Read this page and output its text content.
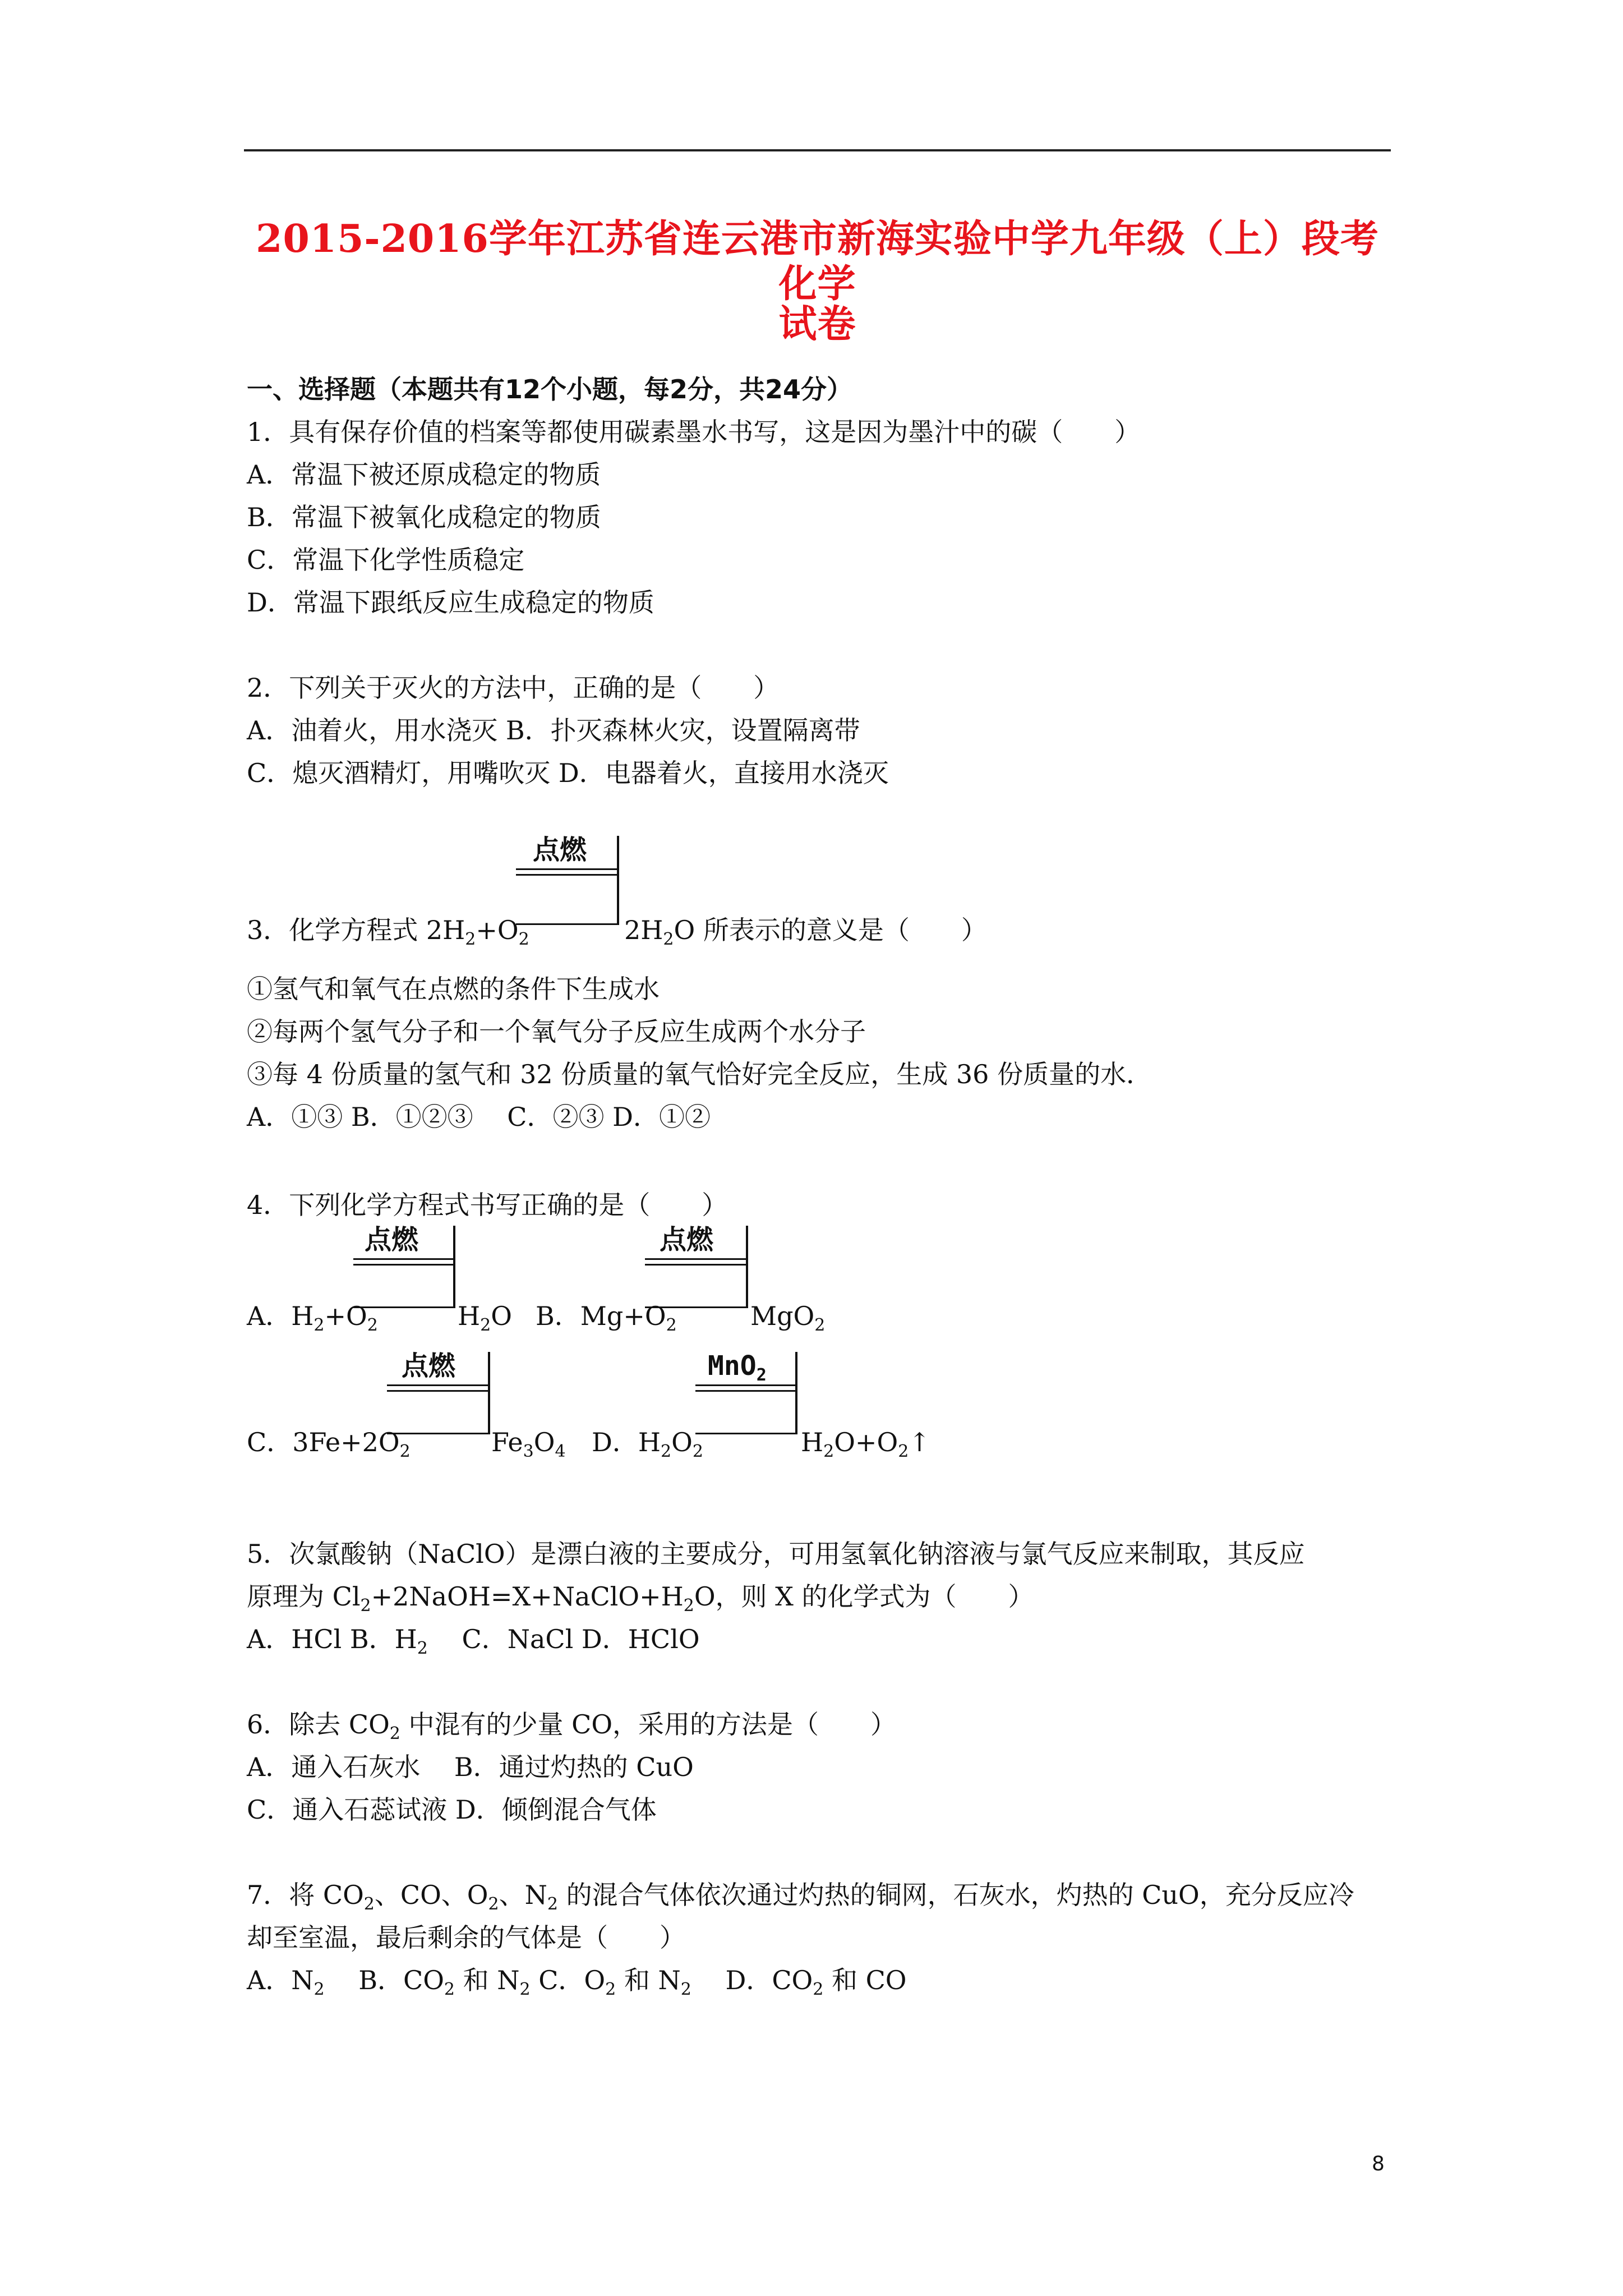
2015-2016学年江苏省连云港市新海实验中学九年级（上）段考化学
试卷
一、选择题（本题共有12个小题，每2分，共24分）
1．具有保存价值的档案等都使用碳素墨水书写，这是因为墨汁中的碳（　　）
A．常温下被还原成稳定的物质
B．常温下被氧化成稳定的物质
C．常温下化学性质稳定
D．常温下跟纸反应生成稳定的物质
2．下列关于灭火的方法中，正确的是（　　）
A．油着火，用水浇灭 B．扑灭森林火灾，设置隔离带
C．熄灭酒精灯，用嘴吹灭 D．电器着火，直接用水浇灭
点燃
3．化学方程式 $2H_2+O_2$	$2H_2O$ 所表示的意义是（　　）
①氢气和氧气在点燃的条件下生成水
②每两个氢气分子和一个氧气分子反应生成两个水分子
③每 4 份质量的氢气和 32 份质量的氧气恰好完全反应，生成 36 份质量的水．
A．①③ B．①②③　 C．②③ D．①②
4．下列化学方程式书写正确的是（　　）
点燃
A．$H_2+O_2$	$H_2O$
点燃
B．$Mg+O_2$	MgO$_2$
点燃
C．$3Fe+2O_2$	$Fe_3O_4$
MnO$_2$
D．$H_2O_2$	$H_2O+O_2↑$
5．次氯酸钠（NaClO）是漂白液的主要成分，可用氢氧化钠溶液与氯气反应来制取，其反应
原理为 $Cl_2+2NaOH=X+NaClO+H_2O$，则 X 的化学式为（　　）
A．HCl B．$H_2$　 C．NaCl D．HClO
6．除去 $CO_2$ 中混有的少量 CO，采用的方法是（　　）
A．通入石灰水　 B．通过灼热的 CuO
C．通入石蕊试液 D．倾倒混合气体
7．将 $CO_2$、CO、$O_2$、$N_2$ 的混合气体依次通过灼热的铜网，石灰水，灼热的 CuO，充分反应冷
却至室温，最后剩余的气体是（　　）
A．$N_2$　 B．$CO_2$ 和 $N_2$ C．$O_2$ 和 $N_2$　 D．$CO_2$ 和 CO
8
